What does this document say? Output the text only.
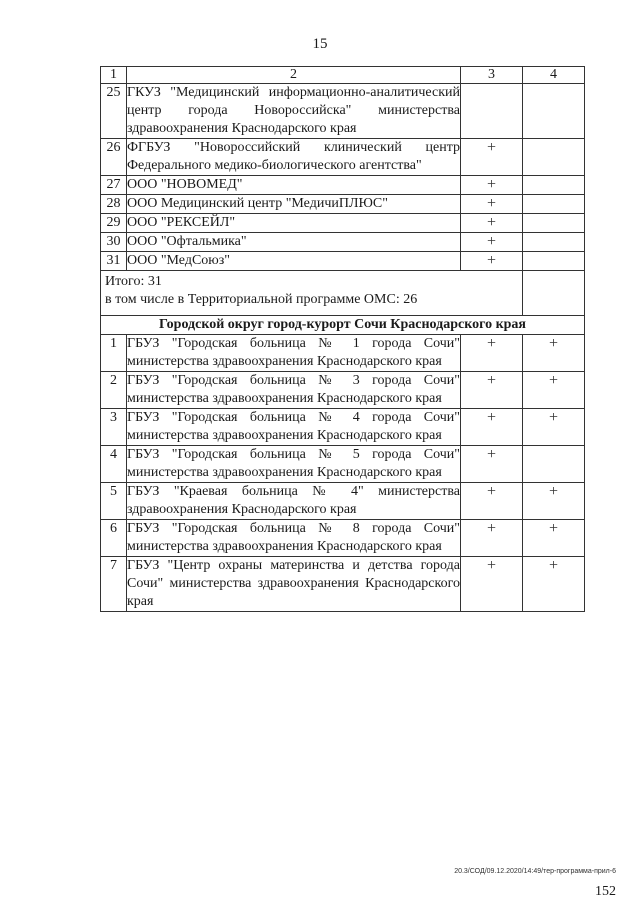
15
1	2	3	4
25	ГКУЗ "Медицинский информационно-аналитический центр города Новороссийска" министерства здравоохранения Краснодарского края		
26	ФГБУЗ "Новороссийский клинический центр Федерального медико-биологического агентства"	+	
27	ООО "НОВОМЕД"	+	
28	ООО Медицинский центр "МедичиПЛЮС"	+	
29	ООО "РЕКСЕЙЛ"	+	
30	ООО "Офтальмика"	+	
31	ООО "МедСоюз"	+	

Итого: 31
в том числе в Территориальной программе ОМС: 26			

Городской округ город-курорт Сочи Краснодарского края			
1	ГБУЗ "Городская больница № 1 города Сочи" министерства здравоохранения Краснодарского края	+	+
2	ГБУЗ "Городская больница № 3 города Сочи" министерства здравоохранения Краснодарского края	+	+
3	ГБУЗ "Городская больница № 4 города Сочи" министерства здравоохранения Краснодарского края	+	+
4	ГБУЗ "Городская больница № 5 города Сочи" министерства здравоохранения Краснодарского края	+	
5	ГБУЗ "Краевая больница № 4" министерства здравоохранения Краснодарского края	+	+
6	ГБУЗ "Городская больница № 8 города Сочи" министерства здравоохранения Краснодарского края	+	+
7	ГБУЗ "Центр охраны материнства и детства города Сочи" министерства здравоохранения Краснодарского края	+	+
20.3/СОД/09.12.2020/14:49/тер-программа-прил-6
152
